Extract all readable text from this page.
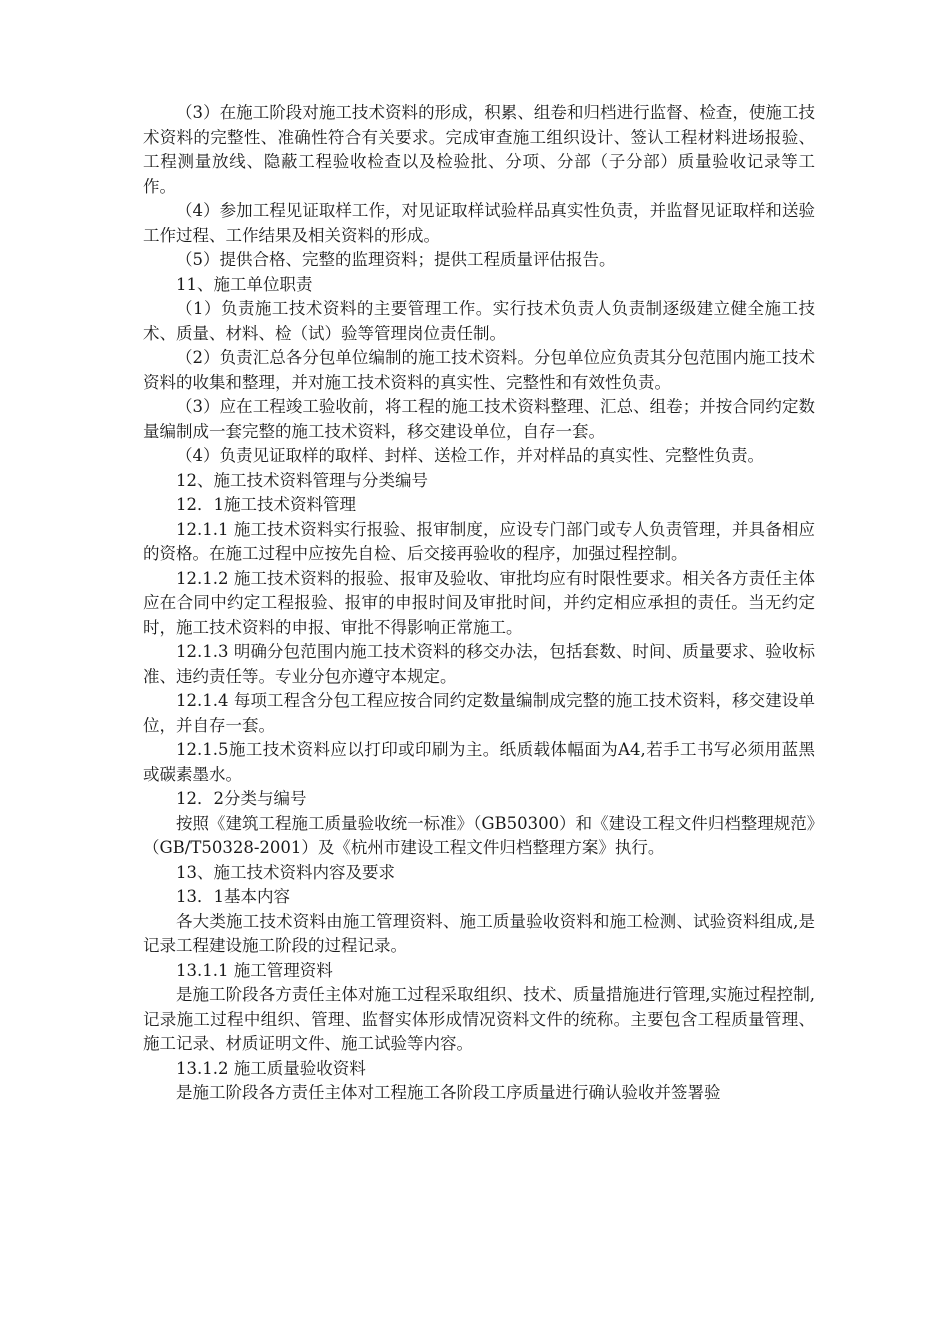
（3）在施工阶段对施工技术资料的形成，积累、组卷和归档进行监督、检查，使施工技术资料的完整性、准确性符合有关要求。完成审查施工组织设计、签认工程材料进场报验、工程测量放线、隐蔽工程验收检查以及检验批、分项、分部（子分部）质量验收记录等工作。

（4）参加工程见证取样工作，对见证取样试验样品真实性负责，并监督见证取样和送验工作过程、工作结果及相关资料的形成。

（5）提供合格、完整的监理资料；提供工程质量评估报告。

11、施工单位职责

（1）负责施工技术资料的主要管理工作。实行技术负责人负责制逐级建立健全施工技术、质量、材料、检（试）验等管理岗位责任制。

（2）负责汇总各分包单位编制的施工技术资料。分包单位应负责其分包范围内施工技术资料的收集和整理，并对施工技术资料的真实性、完整性和有效性负责。

（3）应在工程竣工验收前，将工程的施工技术资料整理、汇总、组卷；并按合同约定数量编制成一套完整的施工技术资料，移交建设单位，自存一套。

（4）负责见证取样的取样、封样、送检工作，并对样品的真实性、完整性负责。

12、施工技术资料管理与分类编号

12．1施工技术资料管理

12.1.1 施工技术资料实行报验、报审制度，应设专门部门或专人负责管理，并具备相应的资格。在施工过程中应按先自检、后交接再验收的程序，加强过程控制。

12.1.2 施工技术资料的报验、报审及验收、审批均应有时限性要求。相关各方责任主体应在合同中约定工程报验、报审的申报时间及审批时间，并约定相应承担的责任。当无约定时，施工技术资料的申报、审批不得影响正常施工。

12.1.3 明确分包范围内施工技术资料的移交办法，包括套数、时间、质量要求、验收标准、违约责任等。专业分包亦遵守本规定。

12.1.4 每项工程含分包工程应按合同约定数量编制成完整的施工技术资料，移交建设单位，并自存一套。

12.1.5施工技术资料应以打印或印刷为主。纸质载体幅面为A4,若手工书写必须用蓝黑或碳素墨水。

12．2分类与编号

按照《建筑工程施工质量验收统一标准》（GB50300）和《建设工程文件归档整理规范》（GB/T50328-2001）及《杭州市建设工程文件归档整理方案》执行。

13、施工技术资料内容及要求

13．1基本内容

各大类施工技术资料由施工管理资料、施工质量验收资料和施工检测、试验资料组成,是记录工程建设施工阶段的过程记录。

13.1.1 施工管理资料

是施工阶段各方责任主体对施工过程采取组织、技术、质量措施进行管理,实施过程控制,记录施工过程中组织、管理、监督实体形成情况资料文件的统称。主要包含工程质量管理、施工记录、材质证明文件、施工试验等内容。

13.1.2 施工质量验收资料

是施工阶段各方责任主体对工程施工各阶段工序质量进行确认验收并签署验
